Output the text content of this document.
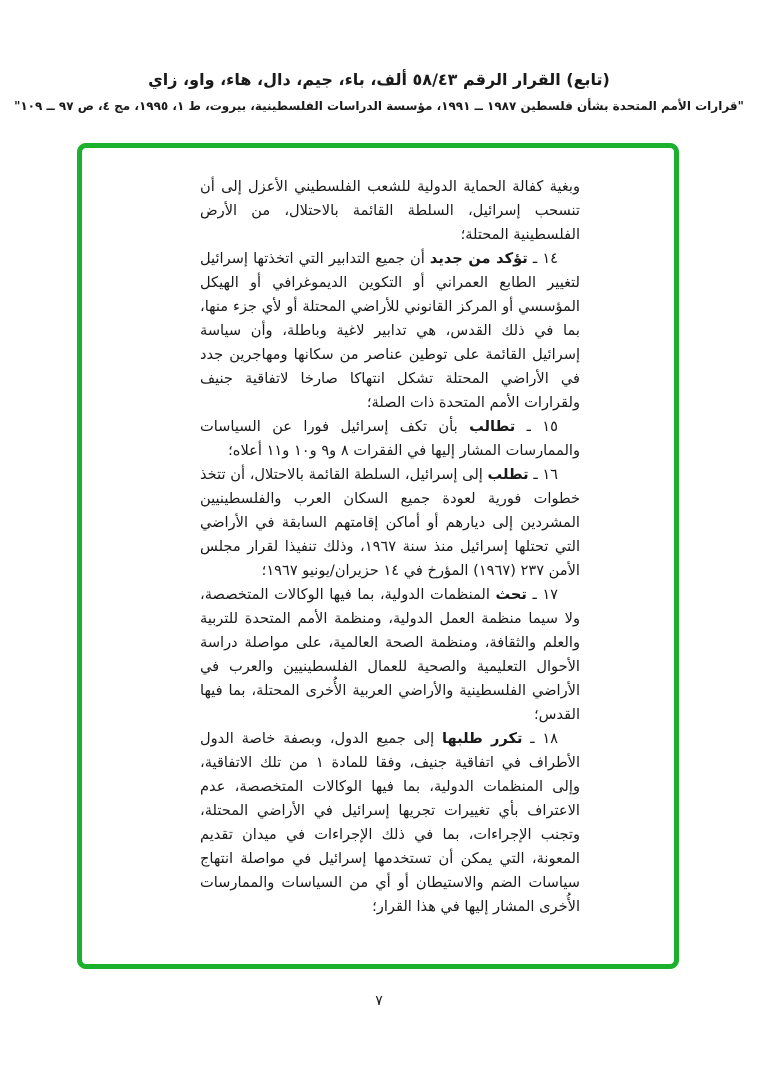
(تابع) القرار الرقم ٥٨/٤٣ ألف، باء، جيم، دال، هاء، واو، زاي
"قرارات الأمم المتحدة بشأن فلسطين ١٩٨٧ ــ ١٩٩١، مؤسسة الدراسات الفلسطينية، بيروت، ط ١، ١٩٩٥، مج ٤، ص ٩٧ ــ ١٠٩"

وبغية كفالة الحماية الدولية للشعب الفلسطيني الأعزل إلى أن تنسحب إسرائيل، السلطة القائمة بالاحتلال، من الأرض الفلسطينية المحتلة؛

١٤ ـ تؤكد من جديد أن جميع التدابير التي اتخذتها إسرائيل لتغيير الطابع العمراني أو التكوين الديموغرافي أو الهيكل المؤسسي أو المركز القانوني للأراضي المحتلة أو لأي جزء منها، بما في ذلك القدس، هي تدابير لاغية وباطلة، وأن سياسة إسرائيل القائمة على توطين عناصر من سكانها ومهاجرين جدد في الأراضي المحتلة تشكل انتهاكا صارخا لاتفاقية جنيف ولقرارات الأمم المتحدة ذات الصلة؛

١٥ ـ تطالب بأن تكف إسرائيل فورا عن السياسات والممارسات المشار إليها في الفقرات ٨ و٩ و١٠ و١١ أعلاه؛

١٦ ـ تطلب إلى إسرائيل، السلطة القائمة بالاحتلال، أن تتخذ خطوات فورية لعودة جميع السكان العرب والفلسطينيين المشردين إلى ديارهم أو أماكن إقامتهم السابقة في الأراضي التي تحتلها إسرائيل منذ سنة ١٩٦٧، وذلك تنفيذا لقرار مجلس الأمن ٢٣٧ (١٩٦٧) المؤرخ في ١٤ حزيران/يونيو ١٩٦٧؛

١٧ ـ تحث المنظمات الدولية، بما فيها الوكالات المتخصصة، ولا سيما منظمة العمل الدولية، ومنظمة الأمم المتحدة للتربية والعلم والثقافة، ومنظمة الصحة العالمية، على مواصلة دراسة الأحوال التعليمية والصحية للعمال الفلسطينيين والعرب في الأراضي الفلسطينية والأراضي العربية الأُخرى المحتلة، بما فيها القدس؛

١٨ ـ تكرر طلبها إلى جميع الدول، وبصفة خاصة الدول الأطراف في اتفاقية جنيف، وفقا للمادة ١ من تلك الاتفاقية، وإلى المنظمات الدولية، بما فيها الوكالات المتخصصة، عدم الاعتراف بأي تغييرات تجريها إسرائيل في الأراضي المحتلة، وتجنب الإجراءات، بما في ذلك الإجراءات في ميدان تقديم المعونة، التي يمكن أن تستخدمها إسرائيل في مواصلة انتهاج سياسات الضم والاستيطان أو أي من السياسات والممارسات الأُخرى المشار إليها في هذا القرار؛

٧
